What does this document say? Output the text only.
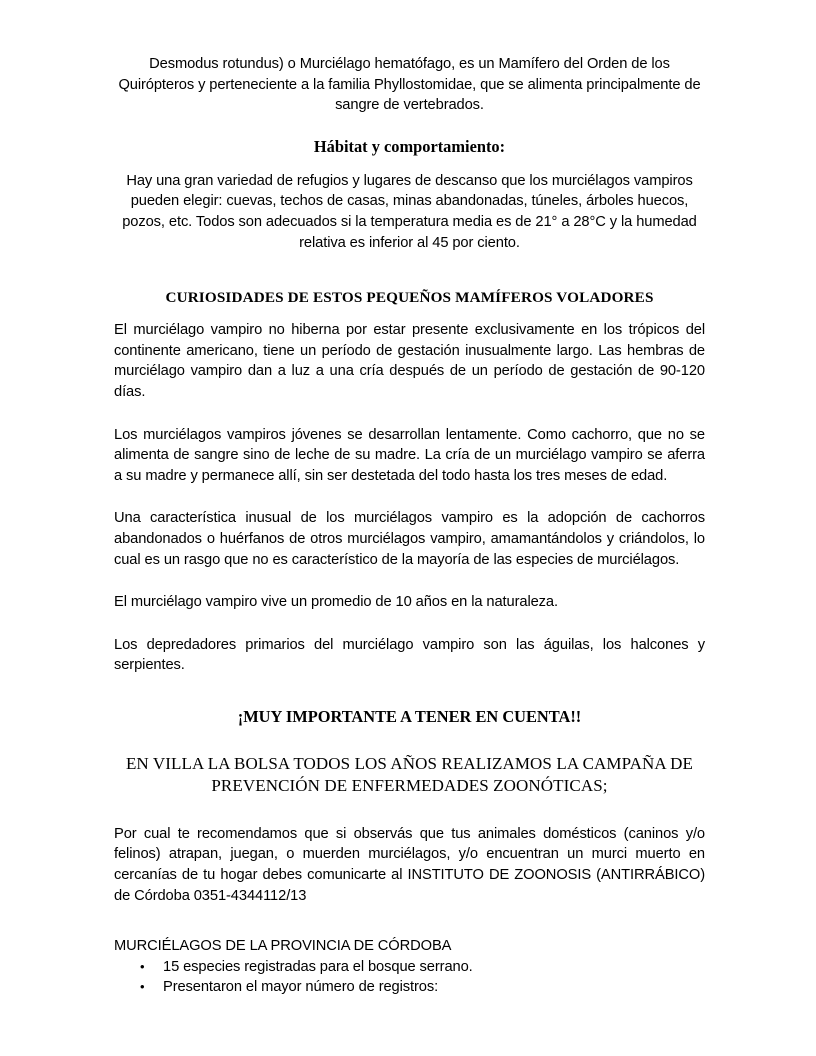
Desmodus rotundus) o Murciélago hematófago, es un Mamífero del Orden de los Quirópteros y perteneciente a la familia Phyllostomidae, que se alimenta principalmente de sangre de vertebrados.

Hábitat y comportamiento:

Hay una gran variedad de refugios y lugares de descanso que los murciélagos vampiros pueden elegir: cuevas, techos de casas, minas abandonadas, túneles, árboles huecos, pozos, etc. Todos son adecuados si la temperatura media es de 21° a 28°C y la humedad relativa es inferior al 45 por ciento.

CURIOSIDADES DE ESTOS PEQUEÑOS MAMÍFEROS VOLADORES

El murciélago vampiro no hiberna por estar presente exclusivamente en los trópicos del continente americano, tiene un período de gestación inusualmente largo. Las hembras de murciélago vampiro dan a luz a una cría después de un período de gestación de 90-120 días.

Los murciélagos vampiros jóvenes se desarrollan lentamente. Como cachorro, que no se alimenta de sangre sino de leche de su madre. La cría de un murciélago vampiro se aferra a su madre y permanece allí, sin ser destetada del todo hasta los tres meses de edad.

Una característica inusual de los murciélagos vampiro es la adopción de cachorros abandonados o huérfanos de otros murciélagos vampiro, amamantándolos y criándolos, lo cual es un rasgo que no es característico de la mayoría de las especies de murciélagos.

El murciélago vampiro vive un promedio de 10 años en la naturaleza.

Los depredadores primarios del murciélago vampiro son las águilas, los halcones y serpientes.

¡MUY IMPORTANTE A TENER EN CUENTA!!
EN VILLA LA BOLSA TODOS LOS AÑOS REALIZAMOS LA CAMPAÑA DE PREVENCIÓN DE ENFERMEDADES ZOONÓTICAS;

Por cual te recomendamos que si observás que tus animales domésticos (caninos y/o felinos) atrapan, juegan, o muerden murciélagos, y/o encuentran un murci muerto en cercanías de tu hogar debes comunicarte al INSTITUTO DE ZOONOSIS (ANTIRRÁBICO) de Córdoba 0351-4344112/13

MURCIÉLAGOS DE LA PROVINCIA DE CÓRDOBA

• 15 especies registradas para el bosque serrano.
• Presentaron el mayor número de registros:
